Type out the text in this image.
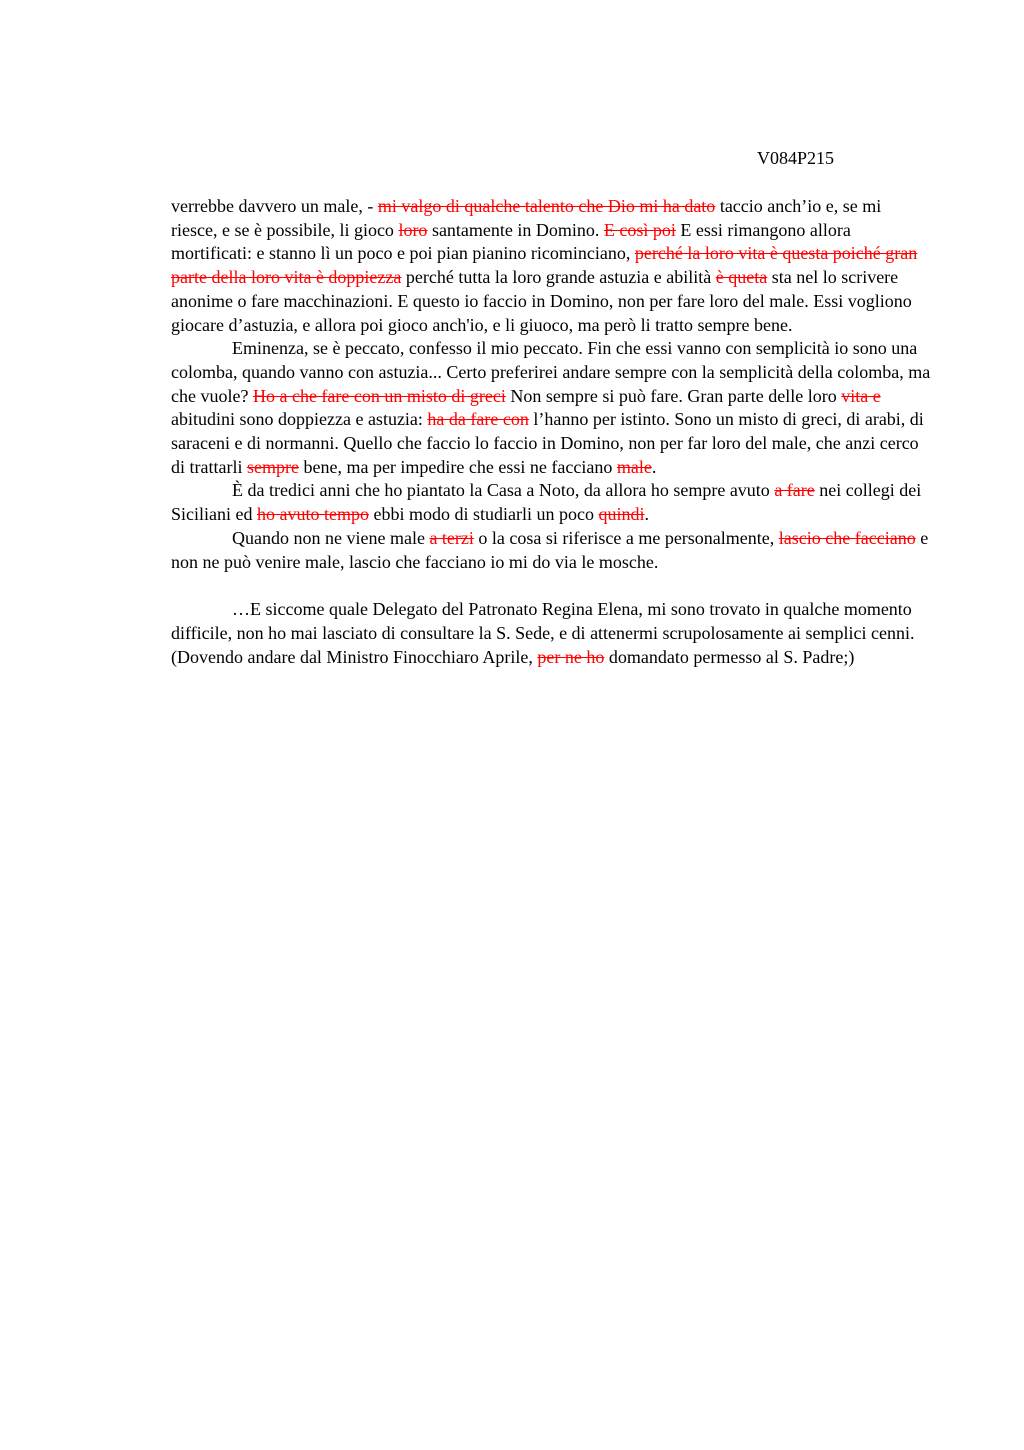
V084P215

verrebbe davvero un male, - mi valgo di qualche talento che Dio mi ha dato taccio anch’io e, se mi riesce, e se è possibile, li gioco loro santamente in Domino. E così poi E essi rimangono allora mortificati: e stanno lì un poco e poi pian pianino ricominciano, perché la loro vita è questa poiché gran parte della loro vita è doppiezza perché tutta la loro grande astuzia e abilità è queta sta nel lo scrivere anonime o fare macchinazioni. E questo io faccio in Domino, non per fare loro del male. Essi vogliono giocare d’astuzia, e allora poi gioco anch'io, e li giuoco, ma però li tratto sempre bene.

Eminenza, se è peccato, confesso il mio peccato. Fin che essi vanno con semplicità io sono una colomba, quando vanno con astuzia... Certo preferirei andare sempre con la semplicità della colomba, ma che vuole? Ho a che fare con un misto di greci Non sempre si può fare. Gran parte delle loro vita e abitudini sono doppiezza e astuzia: ha da fare con l’hanno per istinto. Sono un misto di greci, di arabi, di saraceni e di normanni. Quello che faccio lo faccio in Domino, non per far loro del male, che anzi cerco di trattarli sempre bene, ma per impedire che essi ne facciano male.

È da tredici anni che ho piantato la Casa a Noto, da allora ho sempre avuto a fare nei collegi dei Siciliani ed ho avuto tempo ebbi modo di studiarli un poco quindi.

Quando non ne viene male a terzi o la cosa si riferisce a me personalmente, lascio che facciano e non ne può venire male, lascio che facciano io mi do via le mosche.

…E siccome quale Delegato del Patronato Regina Elena, mi sono trovato in qualche momento difficile, non ho mai lasciato di consultare la S. Sede, e di attenermi scrupolosamente ai semplici cenni. (Dovendo andare dal Ministro Finocchiaro Aprile, per ne ho domandato permesso al S. Padre;)
